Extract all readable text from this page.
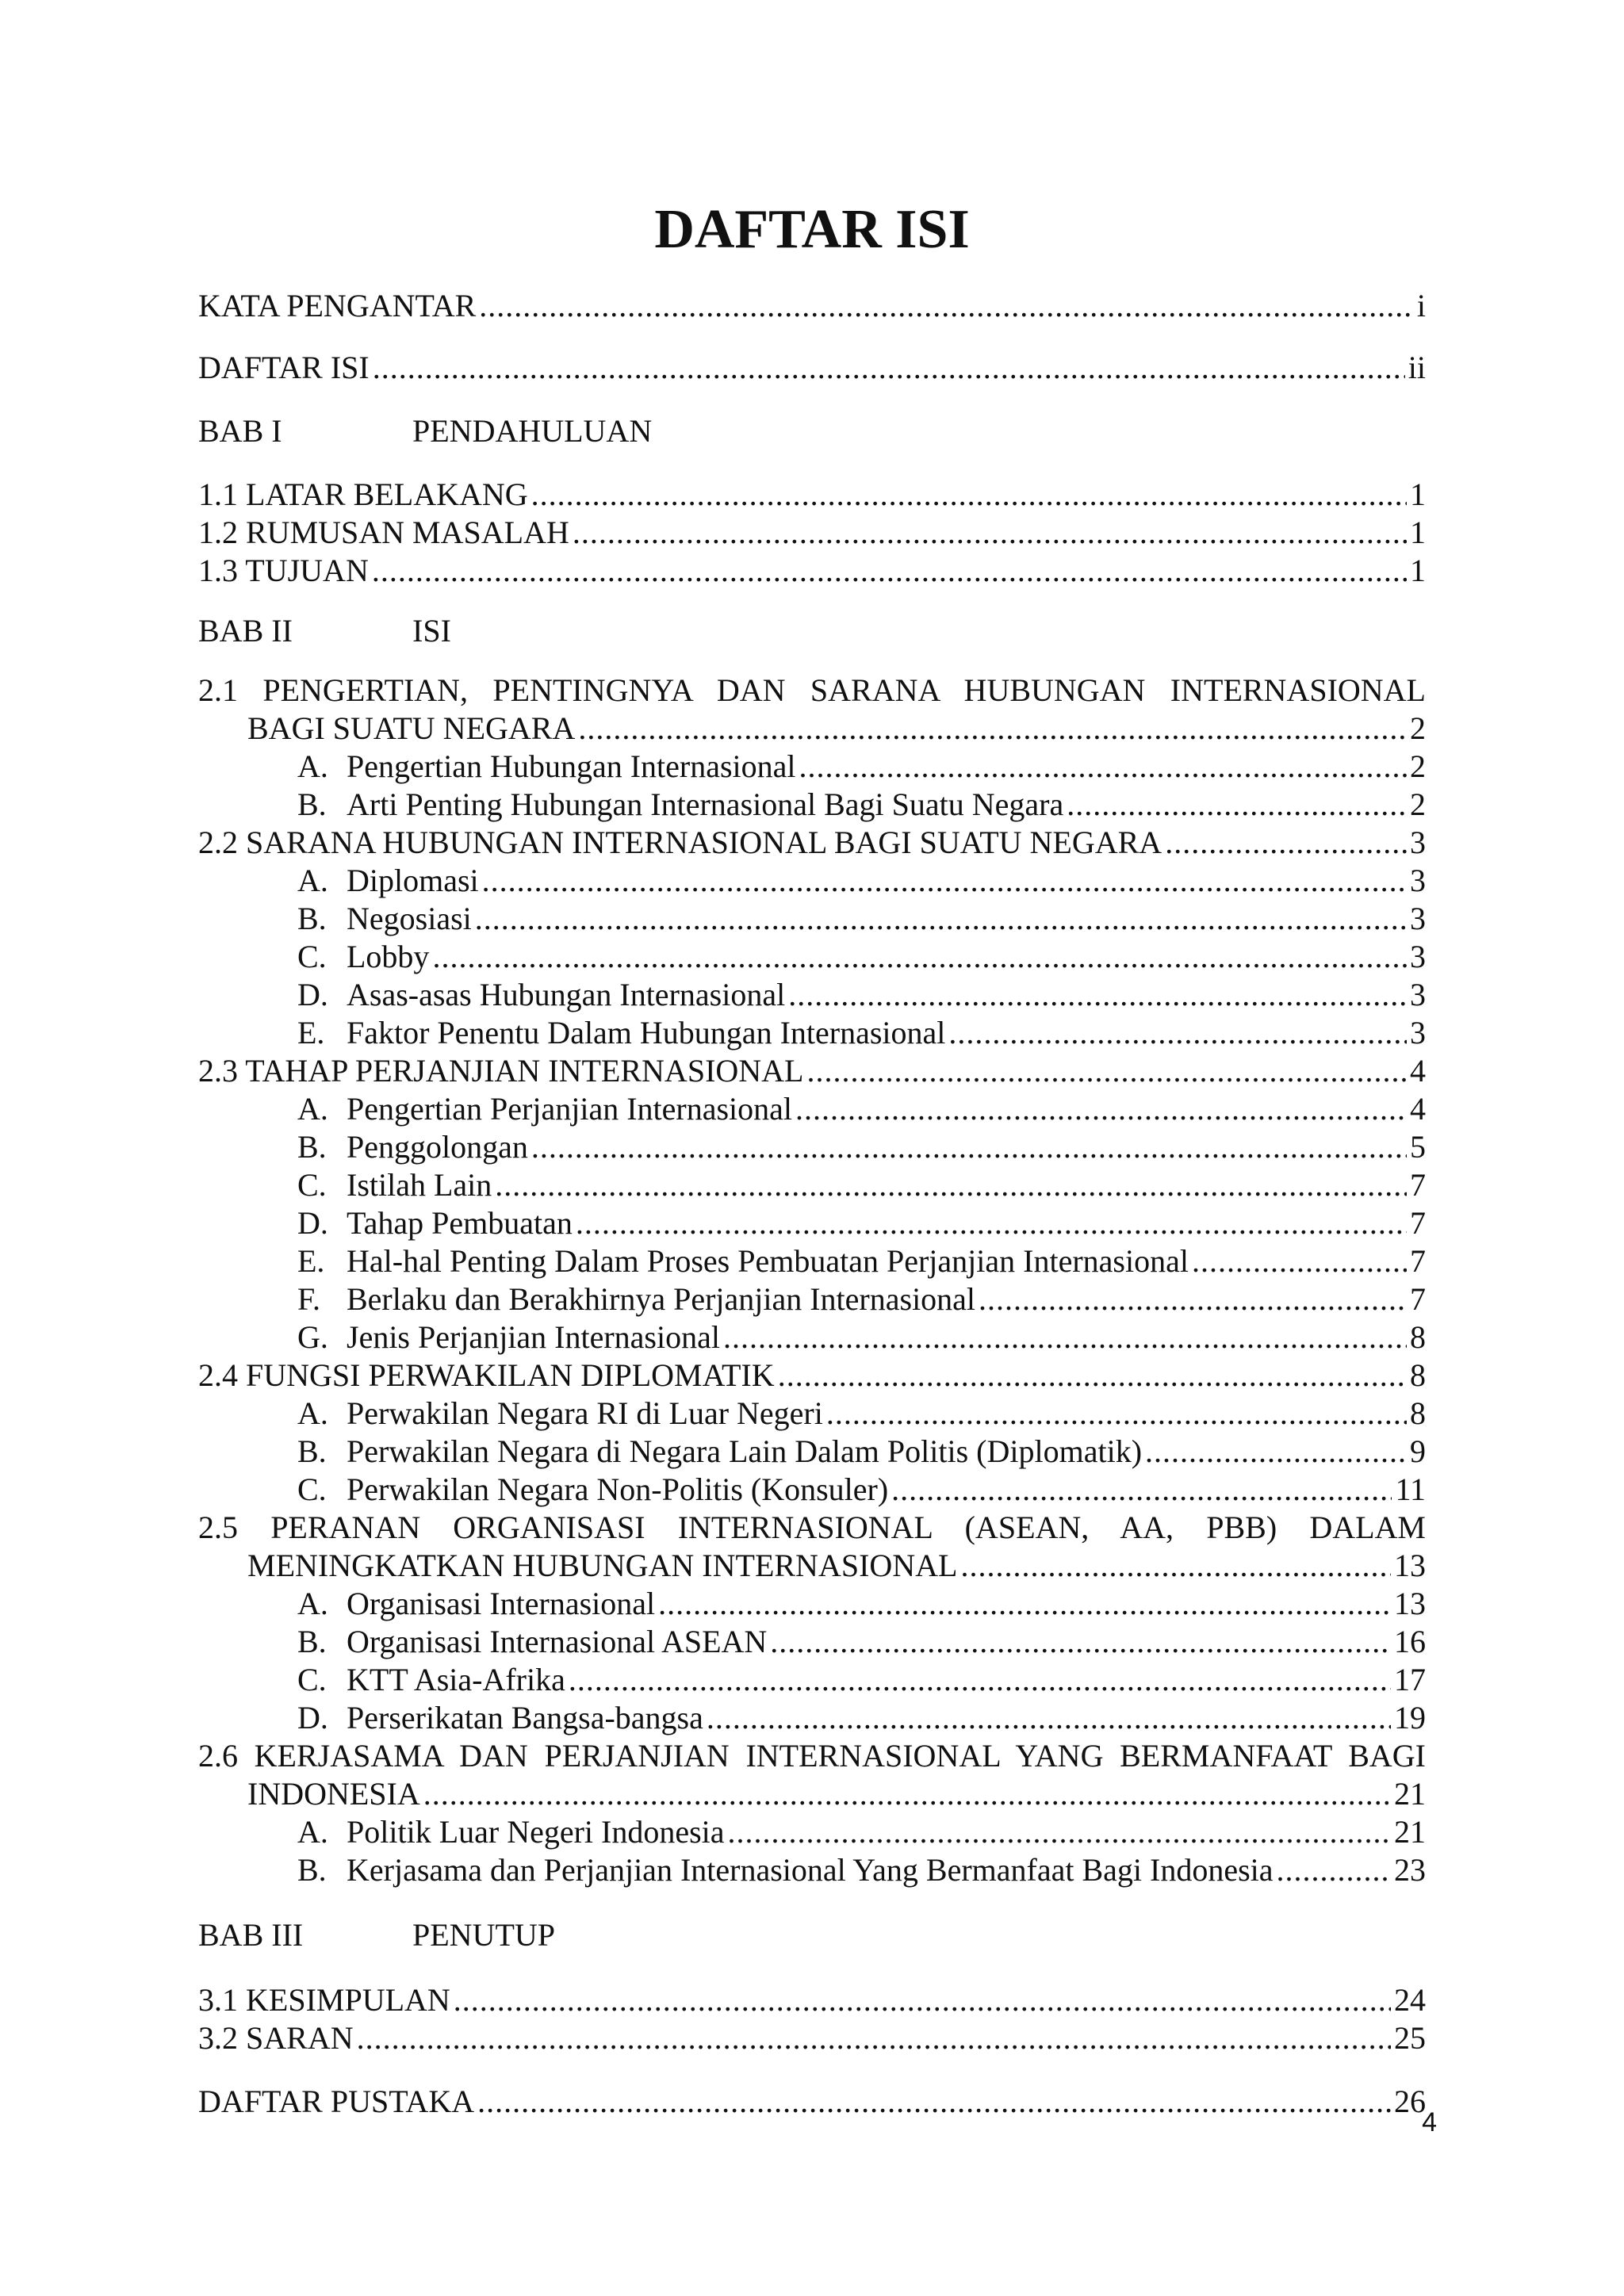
DAFTAR ISI
KATA PENGANTAR .....	i
DAFTAR ISI .....	ii
BAB I	PENDAHULUAN
1.1 LATAR BELAKANG .....	1
1.2 RUMUSAN MASALAH .....	1
1.3 TUJUAN .....	1
BAB II	ISI
2.1 PENGERTIAN, PENTINGNYA DAN SARANA HUBUNGAN INTERNASIONAL
BAGI SUATU NEGARA .....	2
A. Pengertian Hubungan Internasional .....	2
B. Arti Penting Hubungan Internasional Bagi Suatu Negara .....	2
2.2 SARANA HUBUNGAN INTERNASIONAL BAGI SUATU NEGARA .....	3
A. Diplomasi .....	3
B. Negosiasi .....	3
C. Lobby .....	3
D. Asas-asas Hubungan Internasional .....	3
E. Faktor Penentu Dalam Hubungan Internasional .....	3
2.3 TAHAP PERJANJIAN INTERNASIONAL .....	4
A. Pengertian Perjanjian Internasional .....	4
B. Penggolongan .....	5
C. Istilah Lain .....	7
D. Tahap Pembuatan .....	7
E. Hal-hal Penting Dalam Proses Pembuatan Perjanjian Internasional .....	7
F. Berlaku dan Berakhirnya Perjanjian Internasional .....	7
G. Jenis Perjanjian Internasional .....	8
2.4 FUNGSI PERWAKILAN DIPLOMATIK .....	8
A. Perwakilan Negara RI di Luar Negeri .....	8
B. Perwakilan Negara di Negara Lain Dalam Politis (Diplomatik) .....	9
C. Perwakilan Negara Non-Politis (Konsuler) .....	11
2.5 PERANAN ORGANISASI INTERNASIONAL (ASEAN, AA, PBB) DALAM
MENINGKATKAN HUBUNGAN INTERNASIONAL .....	13
A. Organisasi Internasional .....	13
B. Organisasi Internasional ASEAN .....	16
C. KTT Asia-Afrika .....	17
D. Perserikatan Bangsa-bangsa .....	19
2.6 KERJASAMA DAN PERJANJIAN INTERNASIONAL YANG BERMANFAAT BAGI
INDONESIA .....	21
A. Politik Luar Negeri Indonesia .....	21
B. Kerjasama dan Perjanjian Internasional Yang Bermanfaat Bagi Indonesia .....	23
BAB III	PENUTUP
3.1 KESIMPULAN .....	24
3.2 SARAN .....	25
DAFTAR PUSTAKA .....	26
4
